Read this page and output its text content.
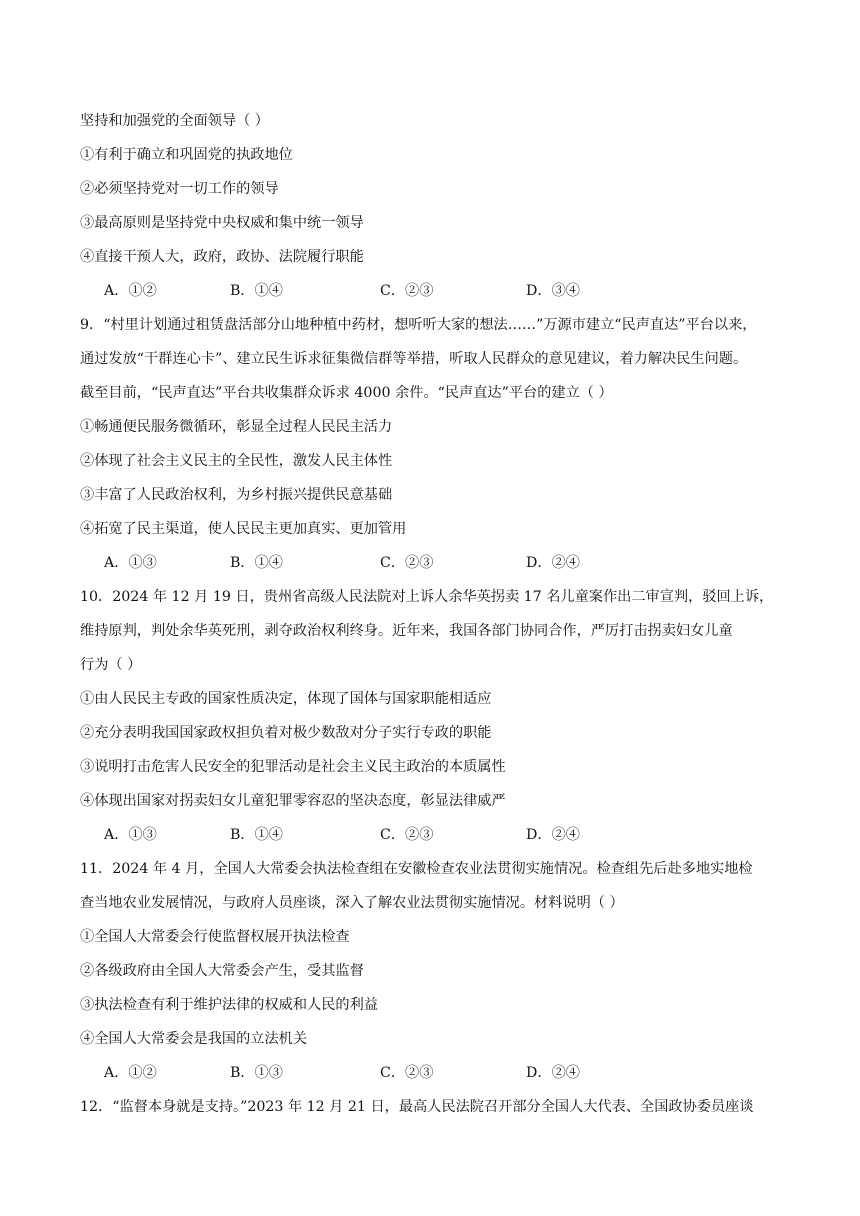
坚持和加强党的全面领导（ ）
①有利于确立和巩固党的执政地位
②必须坚持党对一切工作的领导
③最高原则是坚持党中央权威和集中统一领导
④直接干预人大，政府，政协、法院履行职能
A．①②	B．①④	C．②③	D．③④
9．“村里计划通过租赁盘活部分山地种植中药材，想听听大家的想法……”万源市建立“民声直达”平台以来，
通过发放“干群连心卡”、建立民生诉求征集微信群等举措，听取人民群众的意见建议，着力解决民生问题。
截至目前，“民声直达”平台共收集群众诉求 4000 余件。“民声直达”平台的建立（ ）
①畅通便民服务微循环，彰显全过程人民民主活力
②体现了社会主义民主的全民性，激发人民主体性
③丰富了人民政治权利，为乡村振兴提供民意基础
④拓宽了民主渠道，使人民民主更加真实、更加管用
A．①③	B．①④	C．②③	D．②④
10．2024 年 12 月 19 日，贵州省高级人民法院对上诉人余华英拐卖 17 名儿童案作出二审宣判，驳回上诉，
维持原判，判处余华英死刑，剥夺政治权利终身。近年来，我国各部门协同合作，严厉打击拐卖妇女儿童
行为（ ）
①由人民民主专政的国家性质决定，体现了国体与国家职能相适应
②充分表明我国国家政权担负着对极少数敌对分子实行专政的职能
③说明打击危害人民安全的犯罪活动是社会主义民主政治的本质属性
④体现出国家对拐卖妇女儿童犯罪零容忍的坚决态度，彰显法律威严
A．①③	B．①④	C．②③	D．②④
11．2024 年 4 月，全国人大常委会执法检查组在安徽检查农业法贯彻实施情况。检查组先后赴多地实地检
查当地农业发展情况，与政府人员座谈，深入了解农业法贯彻实施情况。材料说明（ ）
①全国人大常委会行使监督权展开执法检查
②各级政府由全国人大常委会产生，受其监督
③执法检查有利于维护法律的权威和人民的利益
④全国人大常委会是我国的立法机关
A．①②	B．①③	C．②③	D．②④
12．“监督本身就是支持。”2023 年 12 月 21 日，最高人民法院召开部分全国人大代表、全国政协委员座谈
